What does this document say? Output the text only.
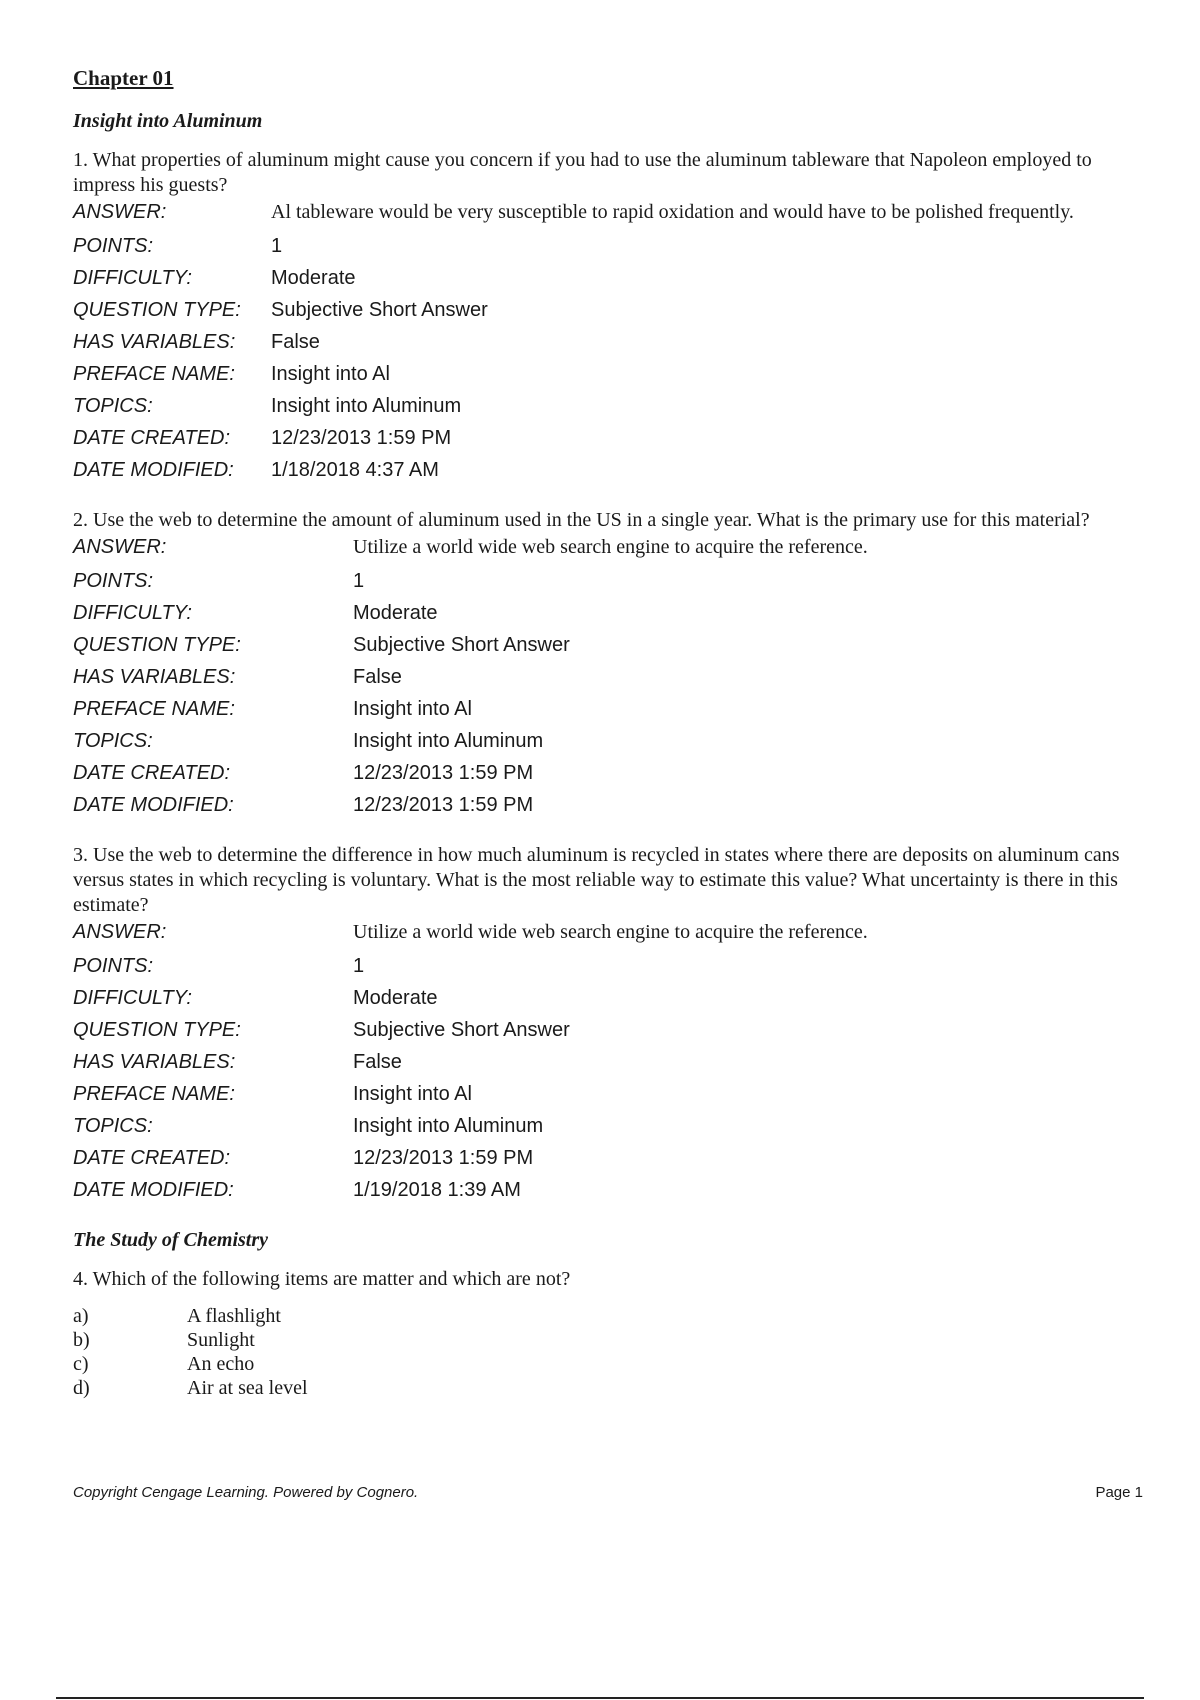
Chapter 01
Insight into Aluminum
1. What properties of aluminum might cause you concern if you had to use the aluminum tableware that Napoleon employed to impress his guests?
ANSWER:	Al tableware would be very susceptible to rapid oxidation and would have to be polished frequently.
POINTS:	1
DIFFICULTY:	Moderate
QUESTION TYPE:	Subjective Short Answer
HAS VARIABLES:	False
PREFACE NAME:	Insight into Al
TOPICS:	Insight into Aluminum
DATE CREATED:	12/23/2013 1:59 PM
DATE MODIFIED:	1/18/2018 4:37 AM
2. Use the web to determine the amount of aluminum used in the US in a single year. What is the primary use for this material?
ANSWER:	Utilize a world wide web search engine to acquire the reference.
POINTS:	1
DIFFICULTY:	Moderate
QUESTION TYPE:	Subjective Short Answer
HAS VARIABLES:	False
PREFACE NAME:	Insight into Al
TOPICS:	Insight into Aluminum
DATE CREATED:	12/23/2013 1:59 PM
DATE MODIFIED:	12/23/2013 1:59 PM
3. Use the web to determine the difference in how much aluminum is recycled in states where there are deposits on aluminum cans versus states in which recycling is voluntary. What is the most reliable way to estimate this value? What uncertainty is there in this estimate?
ANSWER:	Utilize a world wide web search engine to acquire the reference.
POINTS:	1
DIFFICULTY:	Moderate
QUESTION TYPE:	Subjective Short Answer
HAS VARIABLES:	False
PREFACE NAME:	Insight into Al
TOPICS:	Insight into Aluminum
DATE CREATED:	12/23/2013 1:59 PM
DATE MODIFIED:	1/19/2018 1:39 AM
The Study of Chemistry
4. Which of the following items are matter and which are not?
a)	A flashlight
b)	Sunlight
c)	An echo
d)	Air at sea level
Copyright Cengage Learning. Powered by Cognero.	Page 1
